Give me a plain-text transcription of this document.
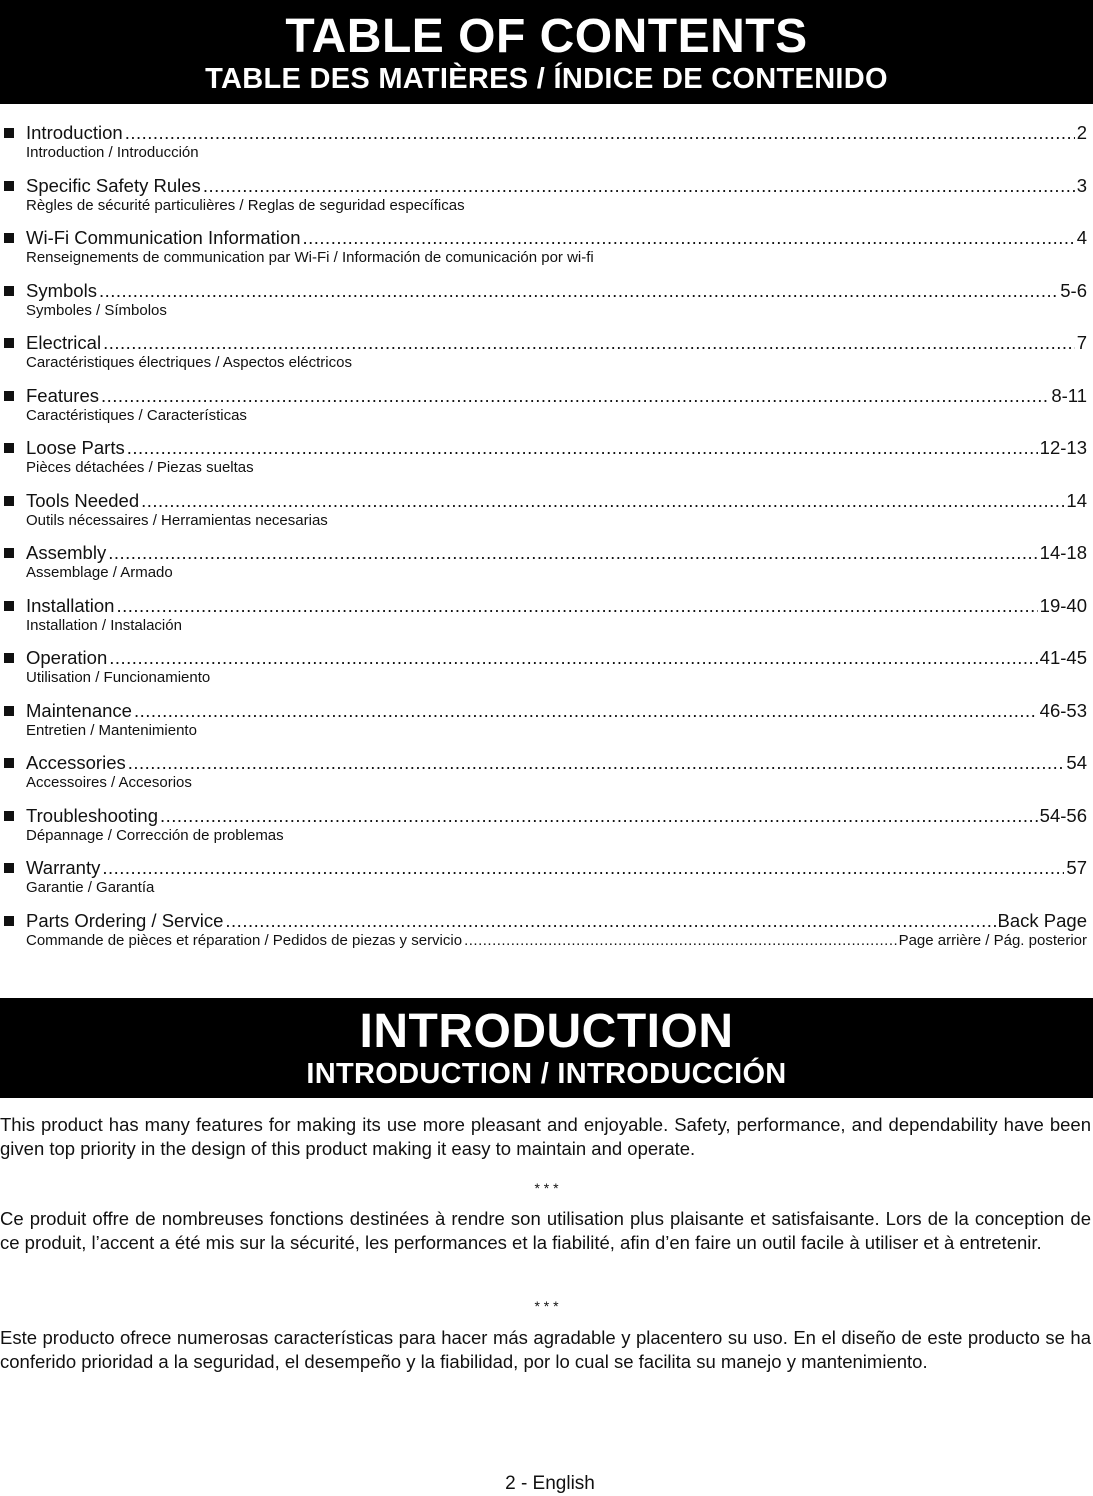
TABLE OF CONTENTS
TABLE DES MATIÈRES / ÍNDICE DE CONTENIDO
Introduction .....	2
Introduction / Introducción
Specific Safety Rules .....	3
Règles de sécurité particulières / Reglas de seguridad específicas
Wi-Fi Communication Information .....	4
Renseignements de communication par Wi-Fi / Información de comunicación por wi-fi
Symbols .....	5-6
Symboles / Símbolos
Electrical .....	7
Caractéristiques électriques / Aspectos eléctricos
Features .....	8-11
Caractéristiques / Características
Loose Parts .....	12-13
Pièces détachées / Piezas sueltas
Tools Needed .....	14
Outils nécessaires / Herramientas necesarias
Assembly .....	14-18
Assemblage / Armado
Installation .....	19-40
Installation / Instalación
Operation .....	41-45
Utilisation / Funcionamiento
Maintenance .....	46-53
Entretien / Mantenimiento
Accessories .....	54
Accessoires / Accesorios
Troubleshooting .....	54-56
Dépannage / Corrección de problemas
Warranty .....	57
Garantie / Garantía
Parts Ordering / Service .....	Back Page
Commande de pièces et réparation / Pedidos de piezas y servicio .....	Page arrière / Pág. posterior
INTRODUCTION
INTRODUCTION / INTRODUCCIÓN

This product has many features for making its use more pleasant and enjoyable. Safety, performance, and dependability have been given top priority in the design of this product making it easy to maintain and operate.

* * *

Ce produit offre de nombreuses fonctions destinées à rendre son utilisation plus plaisante et satisfaisante. Lors de la conception de ce produit, l’accent a été mis sur la sécurité, les performances et la fiabilité, afin d’en faire un outil facile à utiliser et à entretenir.

* * *

Este producto ofrece numerosas características para hacer más agradable y placentero su uso. En el diseño de este producto se ha conferido prioridad a la seguridad, el desempeño y la fiabilidad, por lo cual se facilita su manejo y mantenimiento.

2 - English
